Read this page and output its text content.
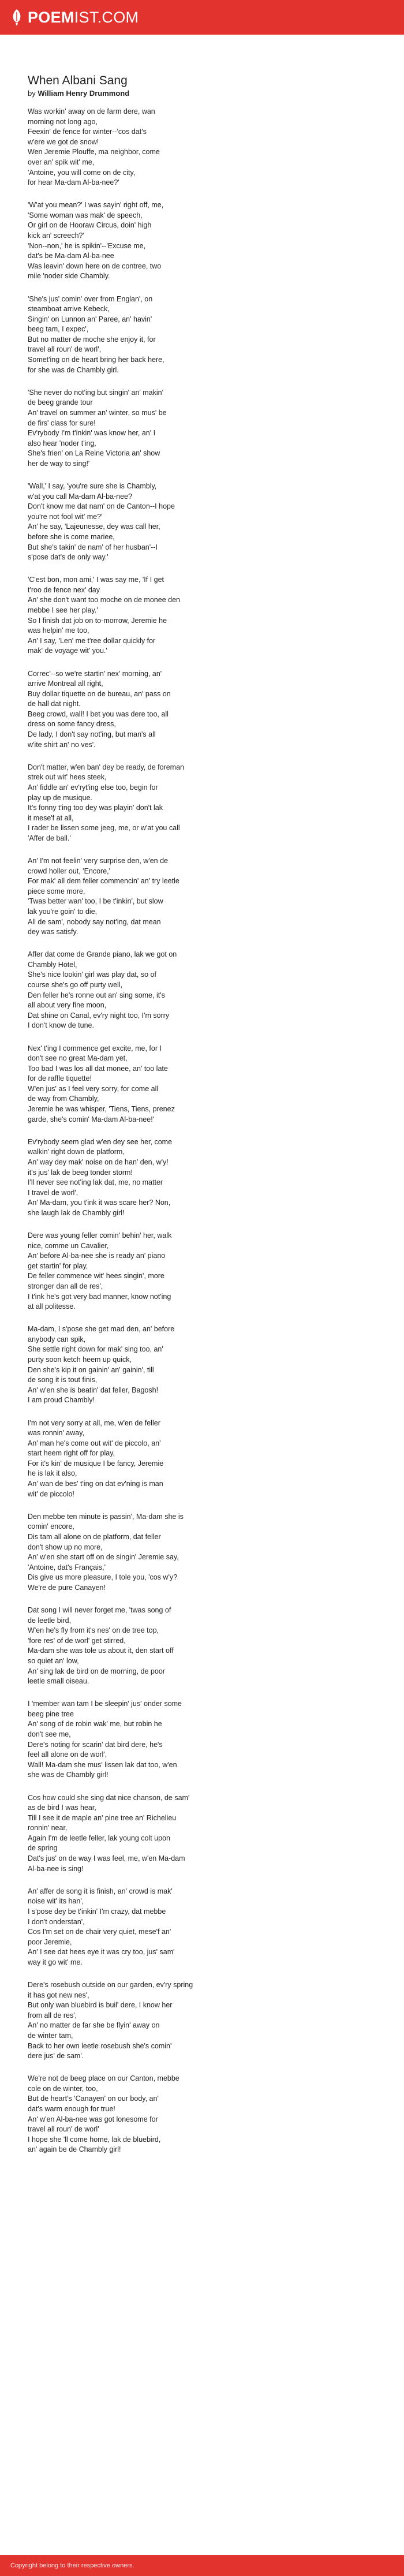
POEMIST.COM
When Albani Sang
by William Henry Drummond
Was workin' away on de farm dere, wan
morning not long ago,
Feexin' de fence for winter--'cos dat's
w'ere we got de snow!
Wen Jeremie Plouffe, ma neighbor, come
over an' spik wit' me,
'Antoine, you will come on de city,
for hear Ma-dam Al-ba-nee?'
'W'at you mean?' I was sayin' right off, me,
'Some woman was mak' de speech,
Or girl on de Hooraw Circus, doin' high
kick an' screech?'
'Non--non,' he is spikin'--'Excuse me,
dat's be Ma-dam Al-ba-nee
Was leavin' down here on de contree, two
mile 'noder side Chambly.
'She's jus' comin' over from Englan', on
steamboat arrive Kebeck,
Singin' on Lunnon an' Paree, an' havin'
beeg tam, I expec',
But no matter de moche she enjoy it, for
travel all roun' de worl',
Somet'ing on de heart bring her back here,
for she was de Chambly girl.
'She never do not'ing but singin' an' makin'
de beeg grande tour
An' travel on summer an' winter, so mus' be
de firs' class for sure!
Ev'rybody I'm t'inkin' was know her, an' I
also hear 'noder t'ing,
She's frien' on La Reine Victoria an' show
her de way to sing!'
'Wall,' I say, 'you're sure she is Chambly,
w'at you call Ma-dam Al-ba-nee?
Don't know me dat nam' on de Canton--I hope
you're not fool wit' me?'
An' he say, 'Lajeunesse, dey was call her,
before she is come mariee,
But she's takin' de nam' of her husban'--I
s'pose dat's de only way.'
'C'est bon, mon ami,' I was say me, 'If I get
t'roo de fence nex' day
An' she don't want too moche on de monee den
mebbe I see her play.'
So I finish dat job on to-morrow, Jeremie he
was helpin' me too,
An' I say, 'Len' me t'ree dollar quickly for
mak' de voyage wit' you.'
Correc'--so we're startin' nex' morning, an'
arrive Montreal all right,
Buy dollar tiquette on de bureau, an' pass on
de hall dat night.
Beeg crowd, wall! I bet you was dere too, all
dress on some fancy dress,
De lady, I don't say not'ing, but man's all
w'ite shirt an' no ves'.
Don't matter, w'en ban' dey be ready, de foreman
strek out wit' hees steek,
An' fiddle an' ev'ryt'ing else too, begin for
play up de musique.
It's fonny t'ing too dey was playin' don't lak
it mese'f at all,
I rader be lissen some jeeg, me, or w'at you call
'Affer de ball.'
An' I'm not feelin' very surprise den, w'en de
crowd holler out, 'Encore,'
For mak' all dem feller commencin' an' try leetle
piece some more,
'Twas better wan' too, I be t'inkin', but slow
lak you're goin' to die,
All de sam', nobody say not'ing, dat mean
dey was satisfy.
Affer dat come de Grande piano, lak we got on
Chambly Hotel,
She's nice lookin' girl was play dat, so of
course she's go off purty well,
Den feller he's ronne out an' sing some, it's
all about very fine moon,
Dat shine on Canal, ev'ry night too, I'm sorry
I don't know de tune.
Nex' t'ing I commence get excite, me, for I
don't see no great Ma-dam yet,
Too bad I was los all dat monee, an' too late
for de raffle tiquette!
W'en jus' as I feel very sorry, for come all
de way from Chambly,
Jeremie he was whisper, 'Tiens, Tiens, prenez
garde, she's comin' Ma-dam Al-ba-nee!'
Ev'rybody seem glad w'en dey see her, come
walkin' right down de platform,
An' way dey mak' noise on de han' den, w'y!
it's jus' lak de beeg tonder storm!
I'll never see not'ing lak dat, me, no matter
I travel de worl',
An' Ma-dam, you t'ink it was scare her? Non,
she laugh lak de Chambly girl!
Dere was young feller comin' behin' her, walk
nice, comme un Cavalier,
An' before Al-ba-nee she is ready an' piano
get startin' for play,
De feller commence wit' hees singin', more
stronger dan all de res',
I t'ink he's got very bad manner, know not'ing
at all politesse.
Ma-dam, I s'pose she get mad den, an' before
anybody can spik,
She settle right down for mak' sing too, an'
purty soon ketch heem up quick,
Den she's kip it on gainin' an' gainin', till
de song it is tout finis,
An' w'en she is beatin' dat feller, Bagosh!
I am proud Chambly!
I'm not very sorry at all, me, w'en de feller
was ronnin' away,
An' man he's come out wit' de piccolo, an'
start heem right off for play,
For it's kin' de musique I be fancy, Jeremie
he is lak it also,
An' wan de bes' t'ing on dat ev'ning is man
wit' de piccolo!
Den mebbe ten minute is passin', Ma-dam she is
comin' encore,
Dis tam all alone on de platform, dat feller
don't show up no more,
An' w'en she start off on de singin' Jeremie say,
'Antoine, dat's Français,'
Dis give us more pleasure, I tole you, 'cos w'y?
We're de pure Canayen!
Dat song I will never forget me, 'twas song of
de leetle bird,
W'en he's fly from it's nes' on de tree top,
'fore res' of de worl' get stirred,
Ma-dam she was tole us about it, den start off
so quiet an' low,
An' sing lak de bird on de morning, de poor
leetle small oiseau.
I 'member wan tam I be sleepin' jus' onder some
beeg pine tree
An' song of de robin wak' me, but robin he
don't see me,
Dere's noting for scarin' dat bird dere, he's
feel all alone on de worl',
Wall! Ma-dam she mus' lissen lak dat too, w'en
she was de Chambly girl!
Cos how could she sing dat nice chanson, de sam'
as de bird I was hear,
Till I see it de maple an' pine tree an' Richelieu
ronnin' near,
Again I'm de leetle feller, lak young colt upon
de spring
Dat's jus' on de way I was feel, me, w'en Ma-dam
Al-ba-nee is sing!
An' affer de song it is finish, an' crowd is mak'
noise wit' its han',
I s'pose dey be t'inkin' I'm crazy, dat mebbe
I don't onderstan',
Cos I'm set on de chair very quiet, mese'f an'
poor Jeremie,
An' I see dat hees eye it was cry too, jus' sam'
way it go wit' me.
Dere's rosebush outside on our garden, ev'ry spring
it has got new nes',
But only wan bluebird is buil' dere, I know her
from all de res',
An' no matter de far she be flyin' away on
de winter tam,
Back to her own leetle rosebush she's comin'
dere jus' de sam'.
We're not de beeg place on our Canton, mebbe
cole on de winter, too,
But de heart's 'Canayen' on our body, an'
dat's warm enough for true!
An' w'en Al-ba-nee was got lonesome for
travel all roun' de worl'
I hope she 'll come home, lak de bluebird,
an' again be de Chambly girl!
Copyright belong to their respective owners.
